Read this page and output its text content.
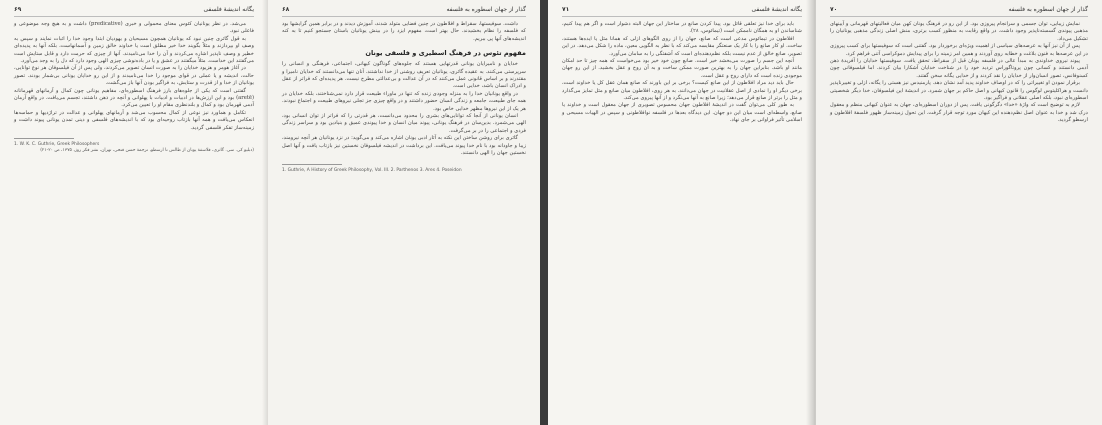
یگانه اندیشهٔ فلسفی
۶۹

می‌شد. در نظر یونانیان کئوس معنای محمولی و خبری (predicative) داشت و به هیچ وجه موضوعی و فاعلی نبود.

به قول گاثری چنین نبود که یونانیان همچون مسیحیان و یهودیان ابتدا وجود خدا را اثبات نمایند و سپس به وصف او بپردازند و مثلاً بگویند خدا خیر مطلق است یا خداوند خالق زمین و آسمانهاست، بلکه آنها به پدیده‌ای خطیر و وصف ناپذیر اشاره می‌کردند و آن را خدا می‌نامیدند. آنها از چیزی که حرمت دارد و قابل ستایش است می‌گفتند این خداست. مثلاً میگفتند در عشق و یا در باده‌نوشی چیزی الهی وجود دارد که دل را به وجد می‌آورد.

در آغاز هومر و هزیود خدایان را به صورت انسان تصویر می‌کردند، ولی پس از آن فیلسوفان هر نوع توانایی، حالت، اندیشه و یا عملی در قوای موجود را خدا می‌نامیدند و از این رو خدایان یونانی بی‌شمار بودند. تصور یونانیان از خدا و از قدرت و ستایش، به فراگیر بودن آنها باز می‌گشت.

گفتنی است که یکی از جلوه‌های بارز فرهنگ اسطوره‌ای، مفاهیم یونانی چون کمال و آرمانهای قهرمانانه (aretē) بود و این ارزش‌ها در ادبیات و ادبیات با پهلوانی و آنچه در ذهن داشتند، تجسم می‌یافت. در واقع آرمان آدمی قهرمان بود و کمال و بلندنظری مقام او را تعیین می‌کرد.

تکامل و هماورد نیز نوعی از کمال محسوب می‌شد و آرمانهای پهلوانی و عدالت در تراژدیها و حماسه‌ها انعکاس می‌یافت و همه آنها بازتاب روحیه‌ای بود که با اندیشه‌های فلسفی و دینی تمدن یونانی پیوند داشت و زمینه‌ساز تفکر فلسفی گردید.

1. W. K. C. Guthrie, Greek Philosophers
(دبلیو کی. سی. گاثری، فلاسفهٔ یونان از طالس تا ارسطو، ترجمهٔ حسن فتحی، تهران، نشر فکر روز، ۱۳۷۵، ص ۲۰-۲۱)
گذار از جهان اسطوره به فلسفه
۶۸

داشت. سوفیستها، سقراط و افلاطون در چنین فضایی متولد شدند، آموزش دیدند و در برابر همین گرایشها بود که فلسفه را نظام بخشیدند. حال بهتر است، مفهوم ایزد را در بینش یونانیان باستان جستجو کنیم تا به کنه اندیشه‌های آنها پی ببریم.

مفهوم تئوس در فرهنگ اسطیری و فلسفی یونان

خدایان و نامیرایان یونانی قدرتهایی هستند که جلوه‌های گوناگون کیهانی، اجتماعی، فرهنگی و انسانی را سرپرستی می‌کنند. به عقیده گاثری، یونانیان تعریف روشنی از خدا نداشتند. آنان تنها می‌دانستند که خدایان نامیرا و مقتدرند و بر اساس قانونی عمل می‌کنند که در آن عدالت و بی‌عدالتی مطرح نیست. هر پدیده‌ای که فراتر از عقل و ادراک انسان باشد، خدایی است.

در واقع یونانیان خدا را به منزله وجودی زنده که تنها در ماوراء طبیعت قرار دارد نمی‌شناختند، بلکه خدایان در همه جای طبیعت، جامعه و زندگی انسان حضور داشتند و در واقع چیزی جز تجلی نیروهای طبیعت و اجتماع نبودند. هر یک از این نیروها مظهر خدایی خاص بود.

انسان یونانی از آنجا که توانایی‌های بشری را محدود می‌دانست، هر قدرتی را که فراتر از توان انسانی بود، الهی می‌شمرد. بدین‌سان در فرهنگ یونانی، پیوند میان انسان و خدا پیوندی عمیق و بنیادین بود و سراسر زندگی فردی و اجتماعی را در بر می‌گرفت.

گاثری برای روشن ساختن این نکته به آثار ادبی یونان اشاره می‌کند و می‌گوید: در نزد یونانیان هر آنچه نیرومند، زیبا و جاودانه بود با نام خدا پیوند می‌یافت. این برداشت در اندیشه فیلسوفان نخستین نیز بازتاب یافت و آنها اصل نخستین جهان را الهی دانستند.

1. Guthrie, A History of Greek Philosophy, Vol. III. 2. Parthenos 3. Ares 4. Poseidon
یگانه اندیشهٔ فلسفی
۷۱

باید برای خدا نیز تعلقی قائل بود. پیدا کردن صانع در ساختار این جهان البته دشوار است و اگر هم پیدا کنیم، شناساندن او به همگان ناممکن است (تیمائوس، ۲۸).

افلاطون در تیمائوس مدعی است که صانع، جهان را از روی الگوهای ازلی که همانا مثل یا ایده‌ها هستند، ساخت. او کار صانع را با کار یک صنعتگر مقایسه می‌کند که با نظر به الگویی معین، ماده را شکل می‌دهد. در این تصویر، صانع خالق از عدم نیست بلکه نظم‌دهنده‌ای است که آشفتگی را به سامان می‌آورد.

آنچه این جسم را صورت می‌بخشد خیر است. صانع چون خود خیر بود می‌خواست که همه چیز تا حد امکان مانند او باشد. بنابراین جهان را به بهترین صورت ممکن ساخت و به آن روح و عقل بخشید. از این رو جهان موجودی زنده است که دارای روح و عقل است.

حال باید دید مراد افلاطون از این صانع کیست؟ برخی بر این باورند که صانع همان عقل کل یا خداوند است، برخی دیگر او را نمادی از اصل عقلانیت در جهان می‌دانند. به هر روی، افلاطون میان صانع و مثل تمایز می‌گذارد و مثل را برتر از صانع قرار می‌دهد؛ زیرا صانع به آنها می‌نگرد و از آنها پیروی می‌کند.

به طور کلی می‌توان گفت در اندیشهٔ افلاطون جهان محسوس تصویری از جهان معقول است و خداوند یا صانع، واسطه‌ای است میان این دو جهان. این دیدگاه بعدها در فلسفه نوافلاطونی و سپس در الهیات مسیحی و اسلامی تأثیر فراوانی بر جای نهاد.

گذار از جهان اسطوره به فلسفه
۷۰

نمایش زیبایی، توان جسمی و سرانجام پیروزی بود. از این رو در فرهنگ یونان کهن میان فعالیتهای قهرمانی و آیینهای مذهبی پیوندی گسسته‌ناپذیر وجود داشت. در واقع رقابت به منظور کسب برتری، منش اصلی زندگی مذهبی یونانیان را تشکیل می‌داد.

پس از آن نیز آنها به عرصه‌های سیاسی از اهمیت ویژه‌ای برخوردار بود. گفتنی است که سوفیستها برای کسب پیروزی در این عرصه‌ها به فنون بلاغت و خطابه روی آوردند و همین امر زمینه را برای پیدایش دموکراسی آتنی فراهم کرد.

پیوند نیروی خداوندی به مبدأ عالی در فلسفه یونان قبل از سقراط، تحقق یافت. سوفیستها خدایان را آفریدهٔ ذهن آدمی دانستند و کسانی چون پروتاگوراس تردید خود را در شناخت خدایان آشکارا بیان کردند. اما فیلسوفانی چون کسنوفانس، تصور انسان‌وار از خدایان را نقد کردند و از خدایی یگانه سخن گفتند.

برقرار نمودن او تغییراتی را که در اوصاف خداوند پدید آمد نشان دهد. پارمنیدس نیز هستی را یگانه، ازلی و تغییرناپذیر دانست و هراکلیتوس لوگوس را قانون کیهانی و اصل حاکم بر جهان شمرد. در اندیشهٔ این فیلسوفان، خدا دیگر شخصیتی اسطوره‌ای نبود، بلکه اصلی عقلانی و فراگیر بود.

لازم به توضیح است که واژهٔ «خدا» دگرگونی یافت. پس از دوران اسطوره‌ای، جهان به عنوان کیهانی منظم و معقول درک شد و خدا به عنوان اصل نظم‌دهنده این کیهان مورد توجه قرار گرفت. این تحول زمینه‌ساز ظهور فلسفهٔ افلاطون و ارسطو گردید.
